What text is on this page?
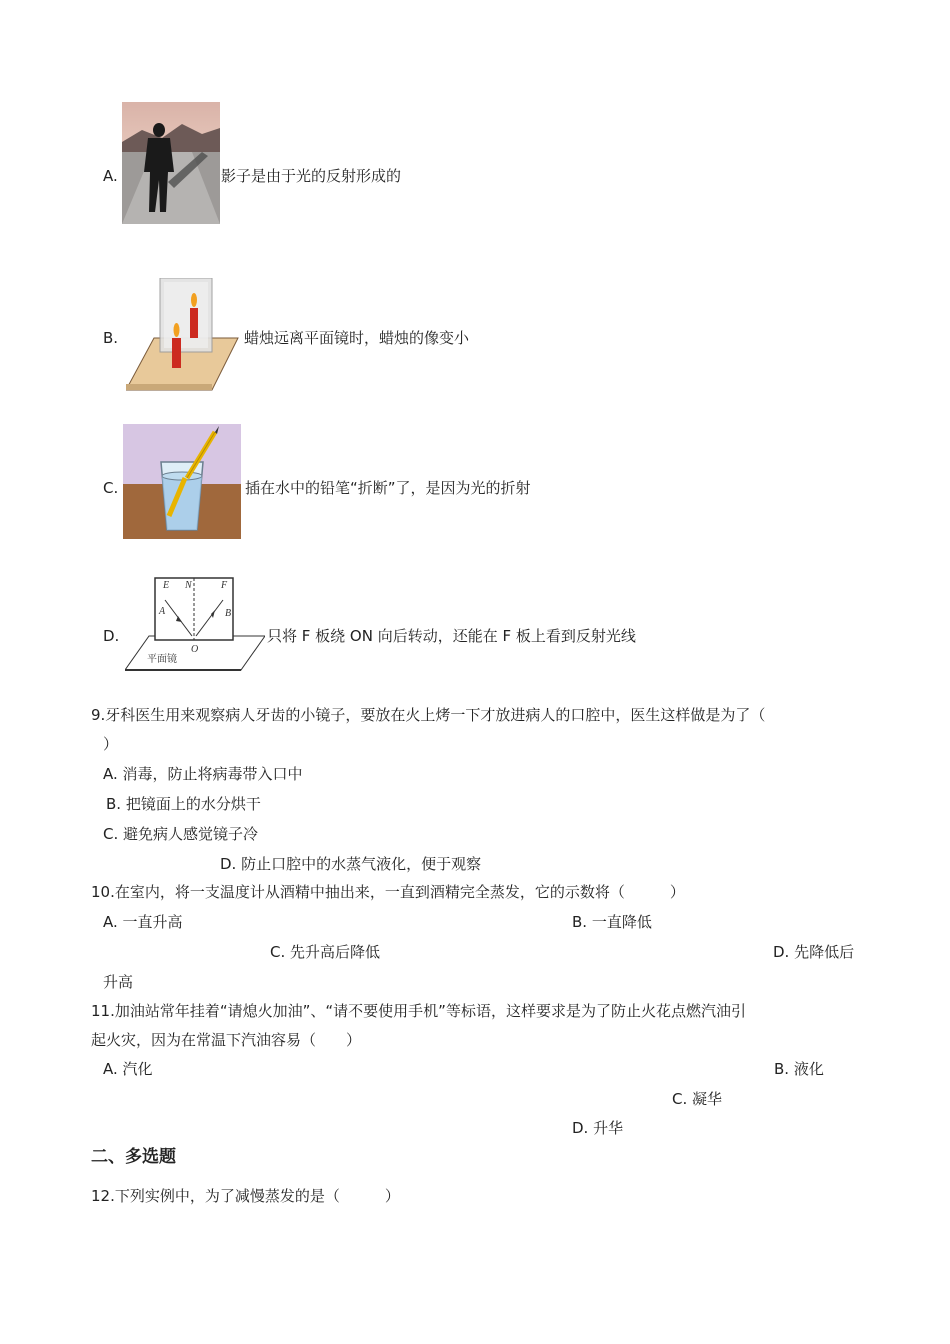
A.	影子是由于光的反射形成的
B.	蜡烛远离平面镜时，蜡烛的像变小
C.	插在水中的铅笔“折断”了，是因为光的折射
D.
E N	F
A	B
O
平面镜
只将 F 板绕 ON 向后转动，还能在 F 板上看到反射光线
9.牙科医生用来观察病人牙齿的小镜子，要放在火上烤一下才放进病人的口腔中，医生这样做是为了（
）
A. 消毒，防止将病毒带入口中
B. 把镜面上的水分烘干
C. 避免病人感觉镜子冷
D. 防止口腔中的水蒸气液化，便于观察
10.在室内，将一支温度计从酒精中抽出来，一直到酒精完全蒸发，它的示数将（　　　）
A. 一直升高	B. 一直降低
C. 先升高后降低	D. 先降低后
升高
11.加油站常年挂着“请熄火加油”、“请不要使用手机”等标语，这样要求是为了防止火花点燃汽油引
起火灾，因为在常温下汽油容易（　　）
A. 汽化	B. 液化
C. 凝华
D. 升华
二、多选题
12.下列实例中，为了减慢蒸发的是（　　　）
